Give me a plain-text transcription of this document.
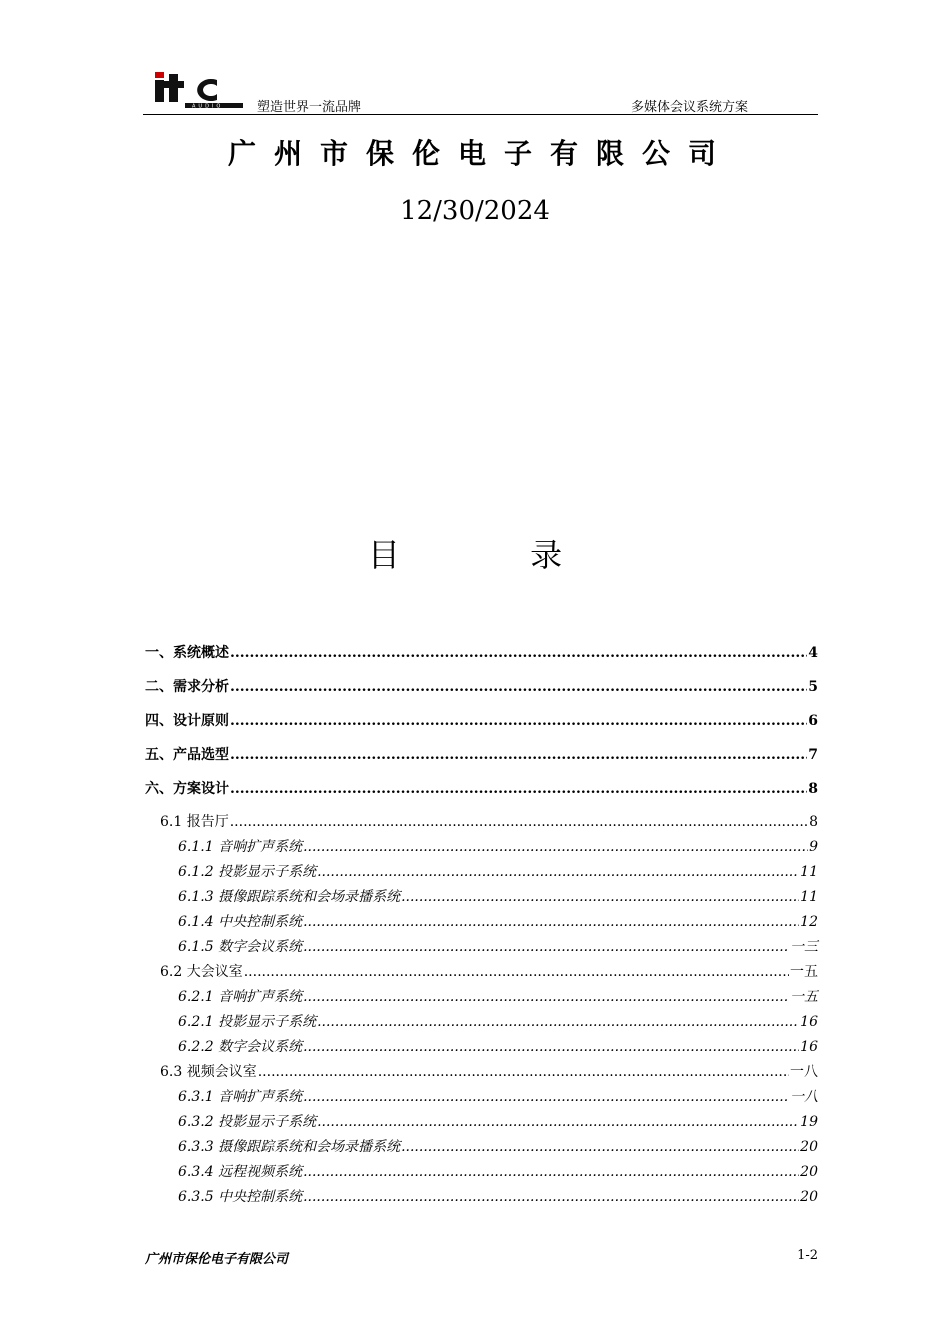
AUDIO	塑造世界一流品牌	多媒体会议系统方案
广州市保伦电子有限公司
12/30/2024
目 录
一、系统概述 .....	4
二、需求分析 .....	5
四、设计原则 .....	6
五、产品选型 .....	7
六、方案设计 .....	8
6.1 报告厅 .....	8
6.1.1 音响扩声系统 .....	9
6.1.2 投影显示子系统 .....	11
6.1.3 摄像跟踪系统和会场录播系统 .....	11
6.1.4 中央控制系统 .....	12
6.1.5 数字会议系统 .....	一三
6.2 大会议室 .....	一五
6.2.1 音响扩声系统 .....	一五
6.2.1 投影显示子系统 .....	16
6.2.2 数字会议系统 .....	16
6.3 视频会议室 .....	一八
6.3.1 音响扩声系统 .....	一八
6.3.2 投影显示子系统 .....	19
6.3.3 摄像跟踪系统和会场录播系统 .....	20
6.3.4 远程视频系统 .....	20
6.3.5 中央控制系统 .....	20
广州市保伦电子有限公司	1-2
